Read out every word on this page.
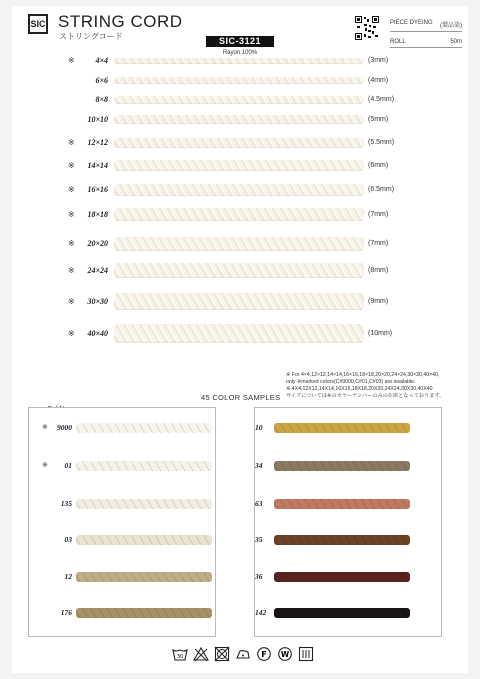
SIC STRING CORD
ストリングコード
PIECE DYEING (製品染)
ROLL	50m
SIC-3121
Rayon 100%
※	4×4	(3mm)
6×6	(4mm)
8×8	(4.5mm)
10×10	(5mm)
※	12×12	(5.5mm)
※	14×14	(6mm)
※	16×16	(6.5mm)
※	18×18	(7mm)
※	20×20	(7mm)
※	24×24	(8mm)
※	30×30	(9mm)
※	40×40	(10mm)
※ For 4×4,12×12,14×14,16×16,18×18,20×20,24×24,30×30,40×40,
only ※marked colors(C#9000,C#01,C#03) are available.
※ 4X4,12X12,14X14,16X16,18X18,20X20,24X24,30X30,40X40
サイズについては※のカラーナンバーのみの在庫となっております。
45 COLOR SAMPLES
※	9000
※	01
135
03
12
176
10
34
63
35
36
142
30	F W
